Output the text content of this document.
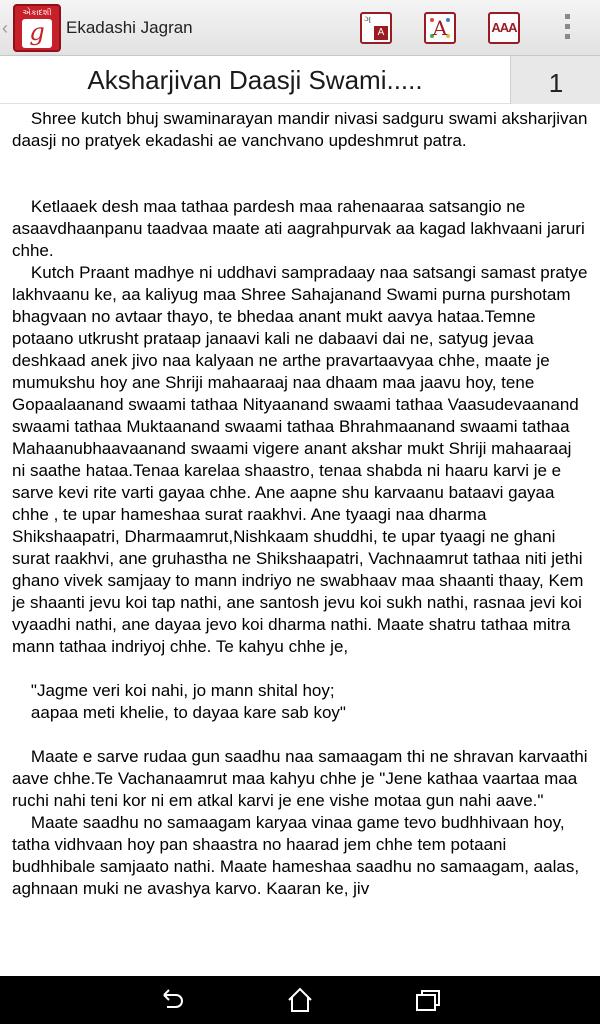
‹
એકાદશી
g	Ekadashi Jagran	ગ
A	A	AAA
Aksharjivan Daasji Swami.....	1

Shree kutch bhuj swaminarayan mandir nivasi sadguru swami aksharjivan daasji no pratyek ekadashi ae vanchvano updeshmrut patra.

Ketlaaek desh maa tathaa pardesh maa rahenaaraa satsangio ne asaavdhaanpanu taadvaa maate ati aagrahpurvak aa kagad lakhvaani jaruri chhe.

Kutch Praant madhye ni uddhavi sampradaay naa satsangi samast pratye lakhvaanu ke, aa kaliyug maa Shree Sahajanand Swami purna purshotam bhagvaan no avtaar thayo, te bhedaa anant mukt aavya hataa.Temne potaano utkrusht prataap janaavi kali ne dabaavi dai ne, satyug jevaa deshkaad anek jivo naa kalyaan ne arthe pravartaavyaa chhe, maate je mumukshu hoy ane Shriji mahaaraaj naa dhaam maa jaavu hoy, tene Gopaalaanand swaami tathaa Nityaanand swaami tathaa Vaasudevaanand swaami tathaa Muktaanand swaami tathaa Bhrahmaanand swaami tathaa Mahaanubhaavaanand swaami vigere anant akshar mukt Shriji mahaaraaj ni saathe hataa.Tenaa karelaa shaastro, tenaa shabda ni haaru karvi je e sarve kevi rite varti gayaa chhe. Ane aapne shu karvaanu bataavi gayaa chhe , te upar hameshaa surat raakhvi. Ane tyaagi naa dharma Shikshaapatri, Dharmaamrut,Nishkaam shuddhi, te upar tyaagi ne ghani surat raakhvi, ane gruhastha ne Shikshaapatri, Vachnaamrut tathaa niti jethi ghano vivek samjaay to mann indriyo ne swabhaav maa shaanti thaay, Kem je shaanti jevu koi tap nathi, ane santosh jevu koi sukh nathi, rasnaa jevi koi vyaadhi nathi, ane dayaa jevo koi dharma nathi. Maate shatru tathaa mitra mann tathaa indriyoj chhe. Te kahyu chhe je,

"Jagme veri koi nahi, jo mann shital hoy;
aapaa meti khelie, to dayaa kare sab koy"

Maate e sarve rudaa gun saadhu naa samaagam thi ne shravan karvaathi aave chhe.Te Vachanaamrut maa kahyu chhe je "Jene kathaa vaartaa maa ruchi nahi teni kor ni em atkal karvi je ene vishe motaa gun nahi aave."

Maate saadhu no samaagam karyaa vinaa game tevo budhhivaan hoy, tatha vidhvaan hoy pan shaastra no haarad jem chhe tem potaani budhhibale samjaato nathi. Maate hameshaa saadhu no samaagam, aalas, aghnaan muki ne avashya karvo. Kaaran ke, jiv
